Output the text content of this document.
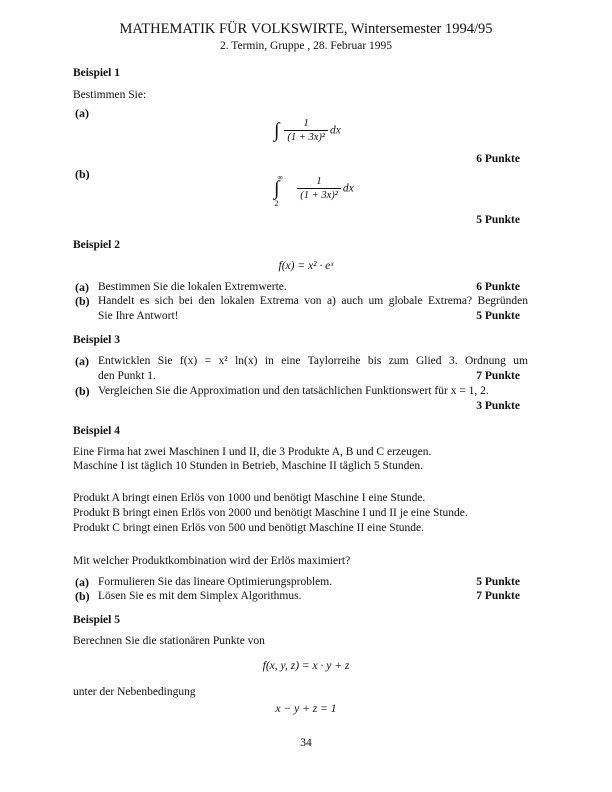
MATHEMATIK FÜR VOLKSWIRTE, Wintersemester 1994/95
2. Termin, Gruppe , 28. Februar 1995
Beispiel 1
Bestimmen Sie:
(a)
∫ $\frac{1}{\text{(1 + 3x)²}}$ dx
6 Punkte
(b)
∫
∞
2

$\frac{1}{\text{(1 + 3x)²}}$ dx
5 Punkte
Beispiel 2
f(x) = x² · eˣ
(a) Bestimmen Sie die lokalen Extremwerte.	6 Punkte
(b) Handelt es sich bei den lokalen Extrema von a) auch um globale Extrema? Begründen
Sie Ihre Antwort!	5 Punkte
Beispiel 3
(a) Entwicklen Sie f(x) = x² ln(x) in eine Taylorreihe bis zum Glied 3. Ordnung um
den Punkt 1.	7 Punkte
(b) Vergleichen Sie die Approximation und den tatsächlichen Funktionswert für x = 1, 2.
3 Punkte
Beispiel 4
Eine Firma hat zwei Maschinen I und II, die 3 Produkte A, B und C erzeugen.
Maschine I ist täglich 10 Stunden in Betrieb, Maschine II täglich 5 Stunden.
Produkt A bringt einen Erlös von 1000 und benötigt Maschine I eine Stunde.
Produkt B bringt einen Erlös von 2000 und benötigt Maschine I und II je eine Stunde.
Produkt C bringt einen Erlös von 500 und benötigt Maschine II eine Stunde.
Mit welcher Produktkombination wird der Erlös maximiert?
(a) Formulieren Sie das lineare Optimierungsproblem.	5 Punkte
(b) Lösen Sie es mit dem Simplex Algorithmus.	7 Punkte
Beispiel 5
Berechnen Sie die stationären Punkte von
f(x, y, z) = x · y + z
unter der Nebenbedingung
x − y + z = 1
34
